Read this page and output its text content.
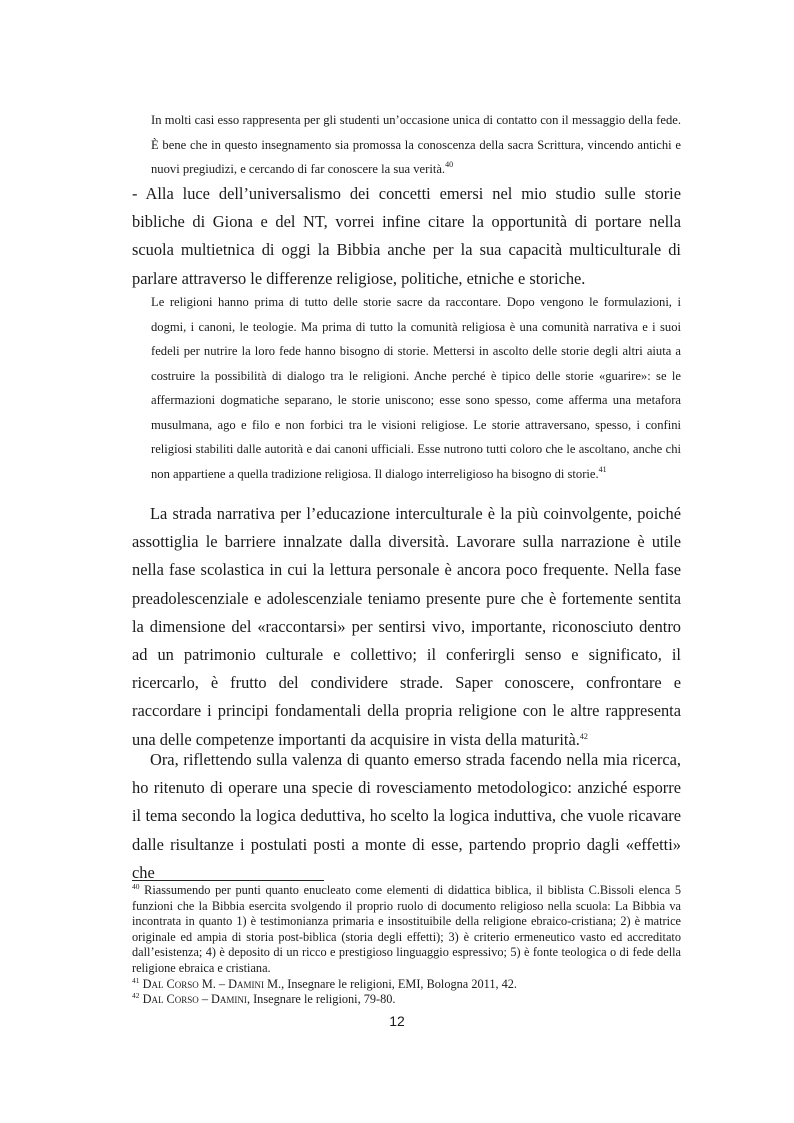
In molti casi esso rappresenta per gli studenti un’occasione unica di contatto con il messaggio della fede. È bene che in questo insegnamento sia promossa la conoscenza della sacra Scrittura, vincendo antichi e nuovi pregiudizi, e cercando di far conoscere la sua verità.$^{40}$
- Alla luce dell’universalismo dei concetti emersi nel mio studio sulle storie bibliche di Giona e del NT, vorrei infine citare la opportunità di portare nella scuola multietnica di oggi la Bibbia anche per la sua capacità multiculturale di parlare attraverso le differenze religiose, politiche, etniche e storiche.
Le religioni hanno prima di tutto delle storie sacre da raccontare. Dopo vengono le formulazioni, i dogmi, i canoni, le teologie. Ma prima di tutto la comunità religiosa è una comunità narrativa e i suoi fedeli per nutrire la loro fede hanno bisogno di storie. Mettersi in ascolto delle storie degli altri aiuta a costruire la possibilità di dialogo tra le religioni. Anche perché è tipico delle storie «guarire»: se le affermazioni dogmatiche separano, le storie uniscono; esse sono spesso, come afferma una metafora musulmana, ago e filo e non forbici tra le visioni religiose. Le storie attraversano, spesso, i confini religiosi stabiliti dalle autorità e dai canoni ufficiali. Esse nutrono tutti coloro che le ascoltano, anche chi non appartiene a quella tradizione religiosa. Il dialogo interreligioso ha bisogno di storie.$^{41}$
La strada narrativa per l’educazione interculturale è la più coinvolgente, poiché assottiglia le barriere innalzate dalla diversità. Lavorare sulla narrazione è utile nella fase scolastica in cui la lettura personale è ancora poco frequente. Nella fase preadolescenziale e adolescenziale teniamo presente pure che è fortemente sentita la dimensione del «raccontarsi» per sentirsi vivo, importante, riconosciuto dentro ad un patrimonio culturale e collettivo; il conferirgli senso e significato, il ricercarlo, è frutto del condividere strade. Saper conoscere, confrontare e raccordare i principi fondamentali della propria religione con le altre rappresenta una delle competenze importanti da acquisire in vista della maturità.$^{42}$
Ora, riflettendo sulla valenza di quanto emerso strada facendo nella mia ricerca, ho ritenuto di operare una specie di rovesciamento metodologico: anziché esporre il tema secondo la logica deduttiva, ho scelto la logica induttiva, che vuole ricavare dalle risultanze i postulati posti a monte di esse, partendo proprio dagli «effetti» che

$^{40}$ Riassumendo per punti quanto enucleato come elementi di didattica biblica, il biblista C.Bissoli elenca 5 funzioni che la Bibbia esercita svolgendo il proprio ruolo di documento religioso nella scuola: La Bibbia va incontrata in quanto 1) è testimonianza primaria e insostituibile della religione ebraico-cristiana; 2) è matrice originale ed ampia di storia post-biblica (storia degli effetti); 3) è criterio ermeneutico vasto ed accreditato dall’esistenza; 4) è deposito di un ricco e prestigioso linguaggio espressivo; 5) è fonte teologica o di fede della religione ebraica e cristiana.

$^{41}$ Dal Corso M. – Damini M., Insegnare le religioni, EMI, Bologna 2011, 42.

$^{42}$ Dal Corso – Damini, Insegnare le religioni, 79-80.

12
